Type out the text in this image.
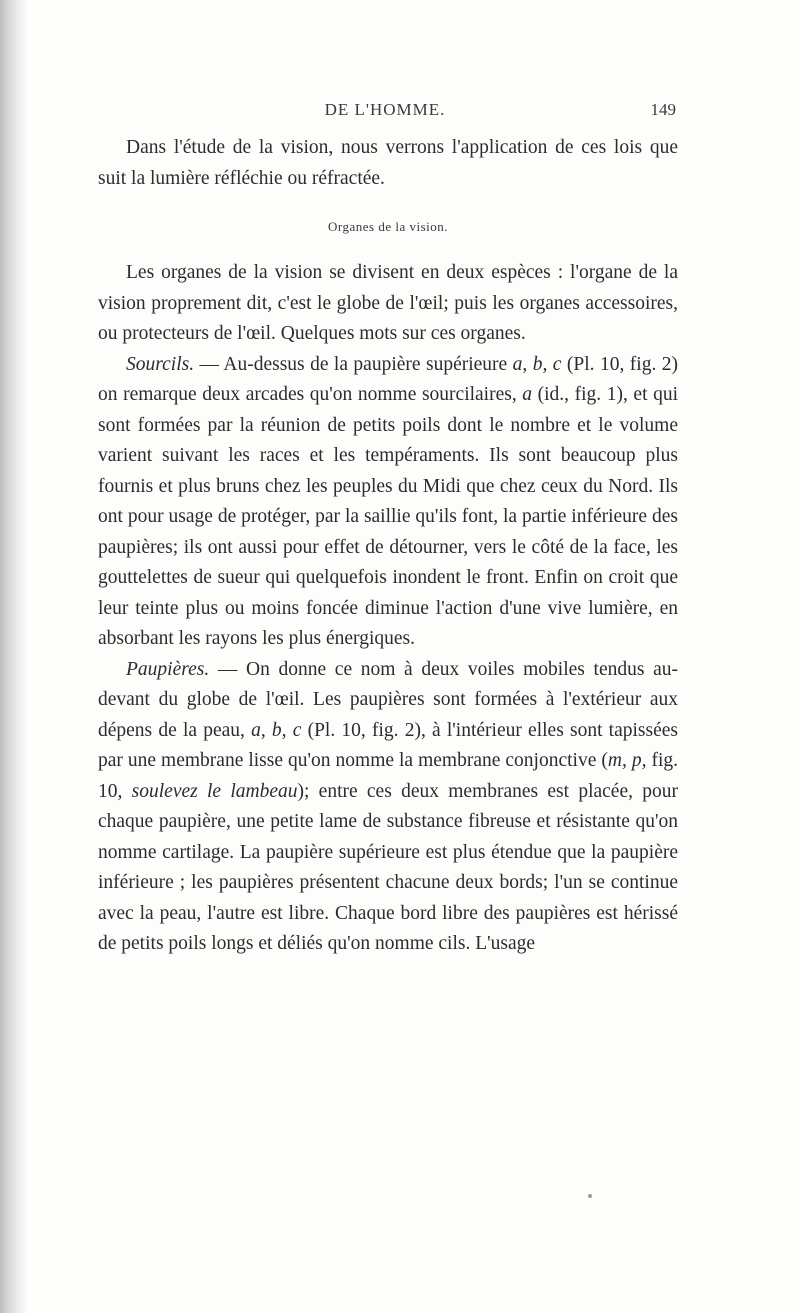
DE L'HOMME.	149

Dans l'étude de la vision, nous verrons l'application de ces lois que suit la lumière réfléchie ou réfractée.

Organes de la vision.

Les organes de la vision se divisent en deux espèces : l'organe de la vision proprement dit, c'est le globe de l'œil; puis les organes accessoires, ou protecteurs de l'œil. Quelques mots sur ces organes.

Sourcils. — Au-dessus de la paupière supérieure a, b, c (Pl. 10, fig. 2) on remarque deux arcades qu'on nomme sourcilaires, a (id., fig. 1), et qui sont formées par la réunion de petits poils dont le nombre et le volume varient suivant les races et les tempéraments. Ils sont beaucoup plus fournis et plus bruns chez les peuples du Midi que chez ceux du Nord. Ils ont pour usage de protéger, par la saillie qu'ils font, la partie inférieure des paupières; ils ont aussi pour effet de détourner, vers le côté de la face, les gouttelettes de sueur qui quelquefois inondent le front. Enfin on croit que leur teinte plus ou moins foncée diminue l'action d'une vive lumière, en absorbant les rayons les plus énergiques.

Paupières. — On donne ce nom à deux voiles mobiles tendus au-devant du globe de l'œil. Les paupières sont formées à l'extérieur aux dépens de la peau, a, b, c (Pl. 10, fig. 2), à l'intérieur elles sont tapissées par une membrane lisse qu'on nomme la membrane conjonctive (m, p, fig. 10, soulevez le lambeau); entre ces deux membranes est placée, pour chaque paupière, une petite lame de substance fibreuse et résistante qu'on nomme cartilage. La paupière supérieure est plus étendue que la paupière inférieure ; les paupières présentent chacune deux bords; l'un se continue avec la peau, l'autre est libre. Chaque bord libre des paupières est hérissé de petits poils longs et déliés qu'on nomme cils. L'usage
